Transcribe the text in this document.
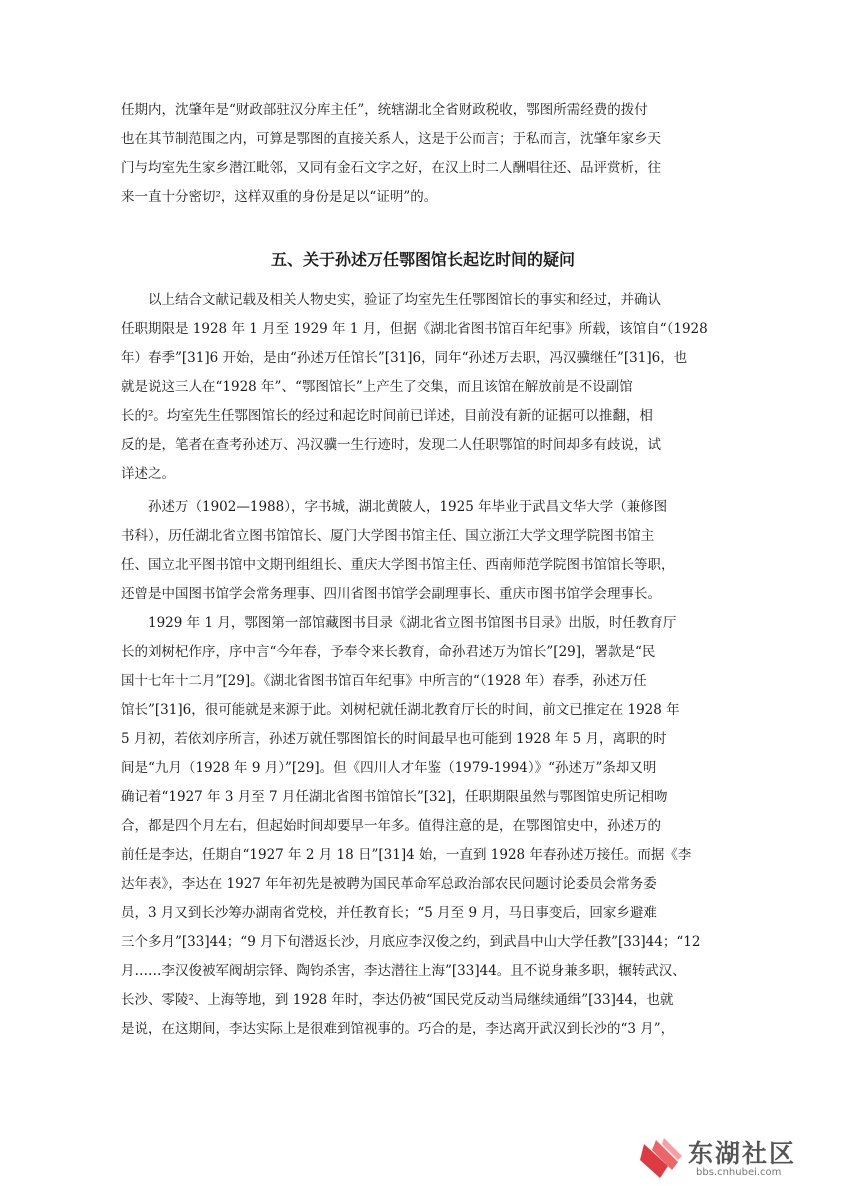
任期内，沈肇年是“财政部驻汉分库主任”，统辖湖北全省财政税收，鄂图所需经费的拨付
也在其节制范围之内，可算是鄂图的直接关系人，这是于公而言；于私而言，沈肇年家乡天
门与均室先生家乡潜江毗邻，又同有金石文字之好，在汉上时二人酬唱往还、品评赏析，往
来一直十分密切²，这样双重的身份是足以“证明”的。
五、关于孙述万任鄂图馆长起讫时间的疑问
以上结合文献记载及相关人物史实，验证了均室先生任鄂图馆长的事实和经过，并确认
任职期限是 1928 年 1 月至 1929 年 1 月，但据《湖北省图书馆百年纪事》所载，该馆自“（1928
年）春季”[31]6 开始，是由“孙述万任馆长”[31]6，同年“孙述万去职，冯汉骥继任”[31]6，也
就是说这三人在“1928 年”、“鄂图馆长”上产生了交集，而且该馆在解放前是不设副馆
长的²。均室先生任鄂图馆长的经过和起讫时间前已详述，目前没有新的证据可以推翻，相
反的是，笔者在查考孙述万、冯汉骥一生行迹时，发现二人任职鄂馆的时间却多有歧说，试
详述之。
孙述万（1902—1988），字书城，湖北黄陂人，1925 年毕业于武昌文华大学（兼修图
书科），历任湖北省立图书馆馆长、厦门大学图书馆主任、国立浙江大学文理学院图书馆主
任、国立北平图书馆中文期刊组组长、重庆大学图书馆主任、西南师范学院图书馆馆长等职，
还曾是中国图书馆学会常务理事、四川省图书馆学会副理事长、重庆市图书馆学会理事长。
1929 年 1 月，鄂图第一部馆藏图书目录《湖北省立图书馆图书目录》出版，时任教育厅
长的刘树杞作序，序中言“今年春，予奉令来长教育，命孙君述万为馆长”[29]，署款是“民
国十七年十二月”[29]。《湖北省图书馆百年纪事》中所言的“（1928 年）春季，孙述万任
馆长”[31]6，很可能就是来源于此。刘树杞就任湖北教育厅长的时间，前文已推定在 1928 年
5 月初，若依刘序所言，孙述万就任鄂图馆长的时间最早也可能到 1928 年 5 月，离职的时
间是“九月（1928 年 9 月）”[29]。但《四川人才年鉴（1979-1994）》“孙述万”条却又明
确记着“1927 年 3 月至 7 月任湖北省图书馆馆长”[32]，任职期限虽然与鄂图馆史所记相吻
合，都是四个月左右，但起始时间却要早一年多。值得注意的是，在鄂图馆史中，孙述万的
前任是李达，任期自“1927 年 2 月 18 日”[31]4 始，一直到 1928 年春孙述万接任。而据《李
达年表》，李达在 1927 年年初先是被聘为国民革命军总政治部农民问题讨论委员会常务委
员，3 月又到长沙筹办湖南省党校，并任教育长；“5 月至 9 月，马日事变后，回家乡避难
三个多月”[33]44；“9 月下旬潜返长沙，月底应李汉俊之约，到武昌中山大学任教”[33]44；“12
月……李汉俊被军阀胡宗铎、陶钧杀害，李达潜往上海”[33]44。且不说身兼多职，辗转武汉、
长沙、零陵²、上海等地，到 1928 年时，李达仍被“国民党反动当局继续通缉”[33]44，也就
是说，在这期间，李达实际上是很难到馆视事的。巧合的是，李达离开武汉到长沙的“3 月”，
东湖社区
bbs.cnhubei.com
